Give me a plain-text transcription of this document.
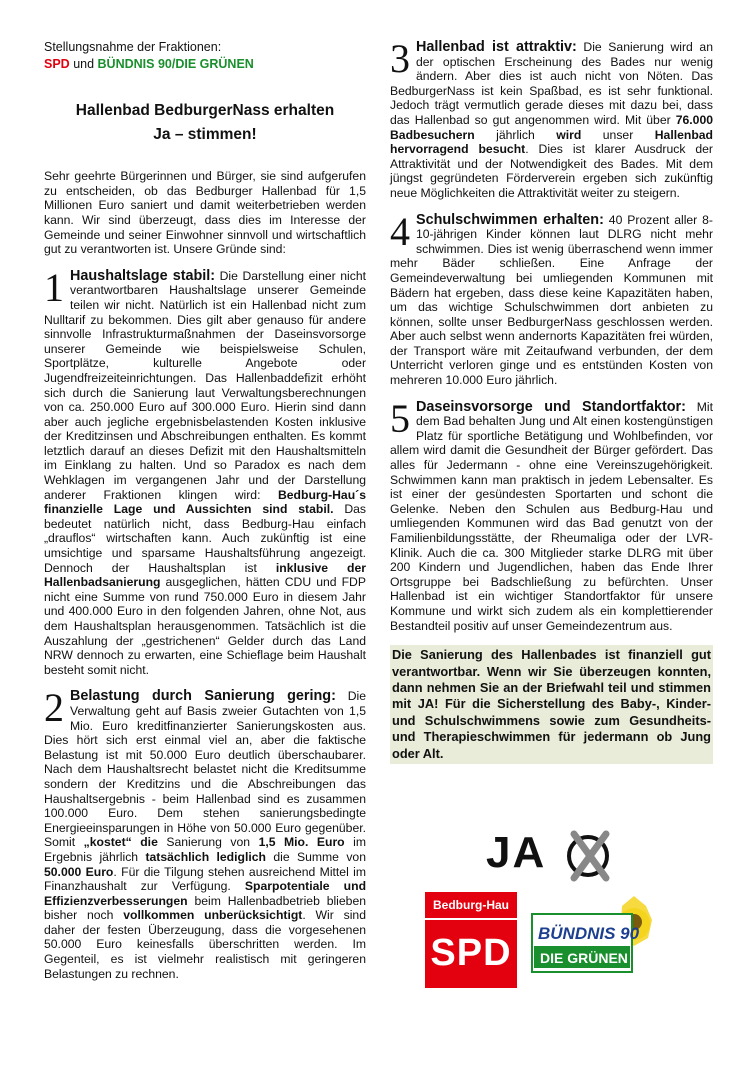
Stellungsnahme der Fraktionen:

SPD und BÜNDNIS 90/DIE GRÜNEN

Hallenbad BedburgerNass erhalten
Ja – stimmen!

Sehr geehrte Bürgerinnen und Bürger, sie sind aufgerufen zu entscheiden, ob das Bedburger Hallenbad für 1,5 Millionen Euro saniert und damit weiterbetrieben werden kann. Wir sind überzeugt, dass dies im Interesse der Gemeinde und seiner Einwohner sinnvoll und wirtschaftlich gut zu verantworten ist. Unsere Gründe sind:

1 Haushaltslage stabil: Die Darstellung einer nicht verantwortbaren Haushaltslage unserer Gemeinde teilen wir nicht. Natürlich ist ein Hallenbad nicht zum Nulltarif zu bekommen. Dies gilt aber genauso für andere sinnvolle Infrastrukturmaßnahmen der Daseinsvorsorge unserer Gemeinde wie beispielsweise Schulen, Sportplätze, kulturelle Angebote oder Jugendfreizeiteinrichtungen. Das Hallenbaddefizit erhöht sich durch die Sanierung laut Verwaltungsberechnungen von ca. 250.000 Euro auf 300.000 Euro. Hierin sind dann aber auch jegliche ergebnisbelastenden Kosten inklusive der Kreditzinsen und Abschreibungen enthalten. Es kommt letztlich darauf an dieses Defizit mit den Haushaltsmitteln im Einklang zu halten. Und so Paradox es nach dem Wehklagen im vergangenen Jahr und der Darstellung anderer Fraktionen klingen wird: Bedburg-Hau´s finanzielle Lage und Aussichten sind stabil. Das bedeutet natürlich nicht, dass Bedburg-Hau einfach „drauflos“ wirtschaften kann. Auch zukünftig ist eine umsichtige und sparsame Haushaltsführung angezeigt. Dennoch der Haushaltsplan ist inklusive der Hallenbadsanierung ausgeglichen, hätten CDU und FDP nicht eine Summe von rund 750.000 Euro in diesem Jahr und 400.000 Euro in den folgenden Jahren, ohne Not, aus dem Haushaltsplan herausgenommen. Tatsächlich ist die Auszahlung der „gestrichenen“ Gelder durch das Land NRW dennoch zu erwarten, eine Schieflage beim Haushalt besteht somit nicht.

2 Belastung durch Sanierung gering: Die Verwaltung geht auf Basis zweier Gutachten von 1,5 Mio. Euro kreditfinanzierter Sanierungskosten aus. Dies hört sich erst einmal viel an, aber die faktische Belastung ist mit 50.000 Euro deutlich überschaubarer. Nach dem Haushaltsrecht belastet nicht die Kreditsumme sondern der Kreditzins und die Abschreibungen das Haushaltsergebnis - beim Hallenbad sind es zusammen 100.000 Euro. Dem stehen sanierungsbedingte Energieeinsparungen in Höhe von 50.000 Euro gegenüber. Somit „kostet“ die Sanierung von 1,5 Mio. Euro im Ergebnis jährlich tatsächlich lediglich die Summe von 50.000 Euro. Für die Tilgung stehen ausreichend Mittel im Finanzhaushalt zur Verfügung. Sparpotentiale und Effizienzverbesserungen beim Hallenbadbetrieb blieben bisher noch vollkommen unberücksichtigt. Wir sind daher der festen Überzeugung, dass die vorgesehenen 50.000 Euro keinesfalls überschritten werden. Im Gegenteil, es ist vielmehr realistisch mit geringeren Belastungen zu rechnen.

3 Hallenbad ist attraktiv: Die Sanierung wird an der optischen Erscheinung des Bades nur wenig ändern. Aber dies ist auch nicht von Nöten. Das BedburgerNass ist kein Spaßbad, es ist sehr funktional. Jedoch trägt vermutlich gerade dieses mit dazu bei, dass das Hallenbad so gut angenommen wird. Mit über 76.000 Badbesuchern jährlich wird unser Hallenbad hervorragend besucht. Dies ist klarer Ausdruck der Attraktivität und der Notwendigkeit des Bades. Mit dem jüngst gegründeten Förderverein ergeben sich zukünftig neue Möglichkeiten die Attraktivität weiter zu steigern.

4 Schulschwimmen erhalten: 40 Prozent aller 8-10-jährigen Kinder können laut DLRG nicht mehr schwimmen. Dies ist wenig überraschend wenn immer mehr Bäder schließen. Eine Anfrage der Gemeindeverwaltung bei umliegenden Kommunen mit Bädern hat ergeben, dass diese keine Kapazitäten haben, um das wichtige Schulschwimmen dort anbieten zu können, sollte unser BedburgerNass geschlossen werden. Aber auch selbst wenn andernorts Kapazitäten frei würden, der Transport wäre mit Zeitaufwand verbunden, der dem Unterricht verloren ginge und es entstünden Kosten von mehreren 10.000 Euro jährlich.

5 Daseinsvorsorge und Standortfaktor: Mit dem Bad behalten Jung und Alt einen kostengünstigen Platz für sportliche Betätigung und Wohlbefinden, vor allem wird damit die Gesundheit der Bürger gefördert. Das alles für Jedermann - ohne eine Vereinszugehörigkeit. Schwimmen kann man praktisch in jedem Lebensalter. Es ist einer der gesündesten Sportarten und schont die Gelenke. Neben den Schulen aus Bedburg-Hau und umliegenden Kommunen wird das Bad genutzt von der Familienbildungsstätte, der Rheumaliga oder der LVR-Klinik. Auch die ca. 300 Mitglieder starke DLRG mit über 200 Kindern und Jugendlichen, haben das Ende Ihrer Ortsgruppe bei Badschließung zu befürchten. Unser Hallenbad ist ein wichtiger Standortfaktor für unsere Kommune und wirkt sich zudem als ein komplettierender Bestandteil positiv auf unser Gemeindezentrum aus.

Die Sanierung des Hallenbades ist finanziell gut verantwortbar. Wenn wir Sie überzeugen konnten, dann nehmen Sie an der Briefwahl teil und stimmen mit JA! Für die Sicherstellung des Baby-, Kinder- und Schulschwimmens sowie zum Gesundheits- und Therapieschwimmen für jedermann ob Jung oder Alt.
JA
Bedburg-Hau
SPD	BÜNDNIS 90
DIE GRÜNEN
